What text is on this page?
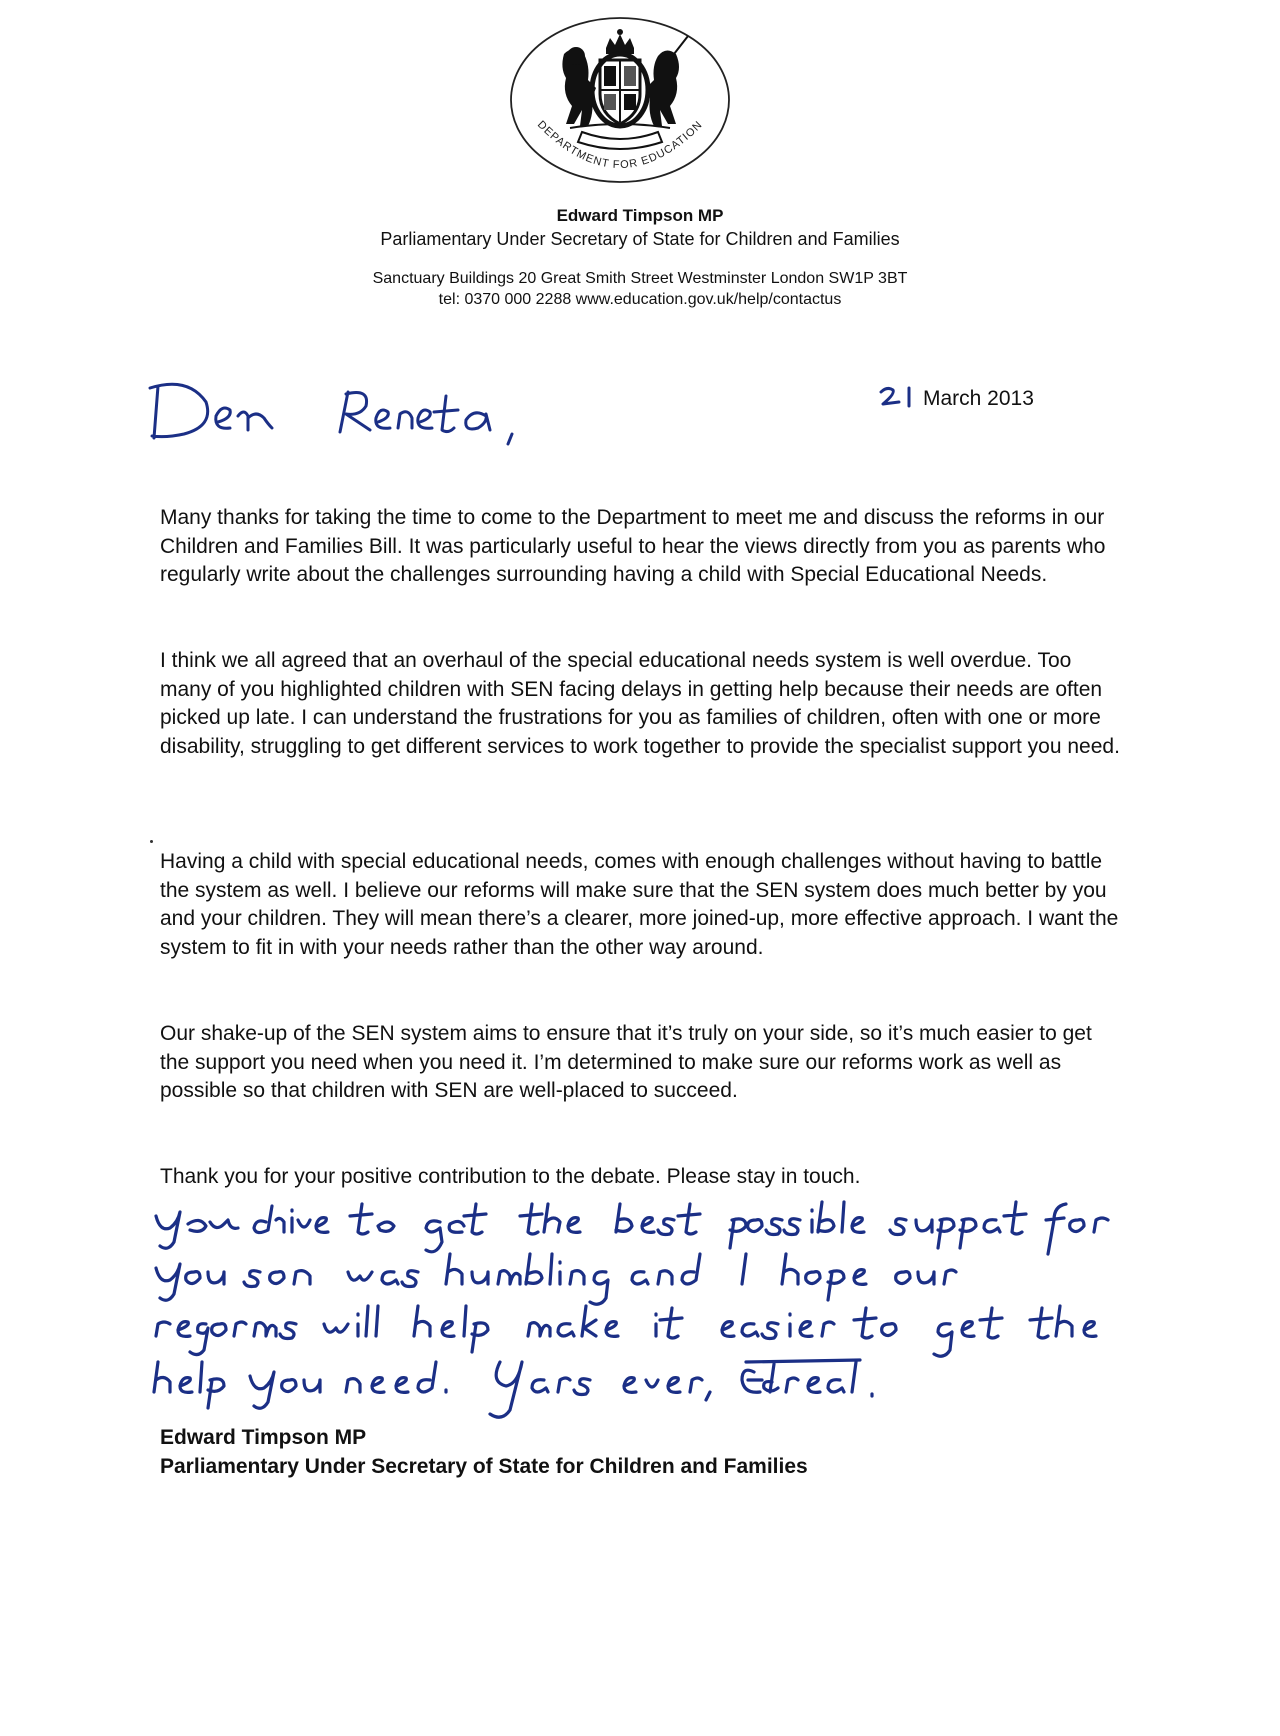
DEPARTMENT FOR EDUCATION
Edward Timpson MP
Parliamentary Under Secretary of State for Children and Families
Sanctuary Buildings 20 Great Smith Street Westminster London SW1P 3BT
tel: 0370 000 2288 www.education.gov.uk/help/contactus
March 2013

Many thanks for taking the time to come to the Department to meet me and discuss the reforms in our Children and Families Bill. It was particularly useful to hear the views directly from you as parents who regularly write about the challenges surrounding having a child with Special Educational Needs.

I think we all agreed that an overhaul of the special educational needs system is well overdue. Too many of you highlighted children with SEN facing delays in getting help because their needs are often picked up late. I can understand the frustrations for you as families of children, often with one or more disability, struggling to get different services to work together to provide the specialist support you need.

Having a child with special educational needs, comes with enough challenges without having to battle the system as well. I believe our reforms will make sure that the SEN system does much better by you and your children. They will mean there’s a clearer, more joined-up, more effective approach. I want the system to fit in with your needs rather than the other way around.

Our shake-up of the SEN system aims to ensure that it’s truly on your side, so it’s much easier to get the support you need when you need it. I’m determined to make sure our reforms work as well as possible so that children with SEN are well-placed to succeed.

Thank you for your positive contribution to the debate. Please stay in touch.

Edward Timpson MP
Parliamentary Under Secretary of State for Children and Families
